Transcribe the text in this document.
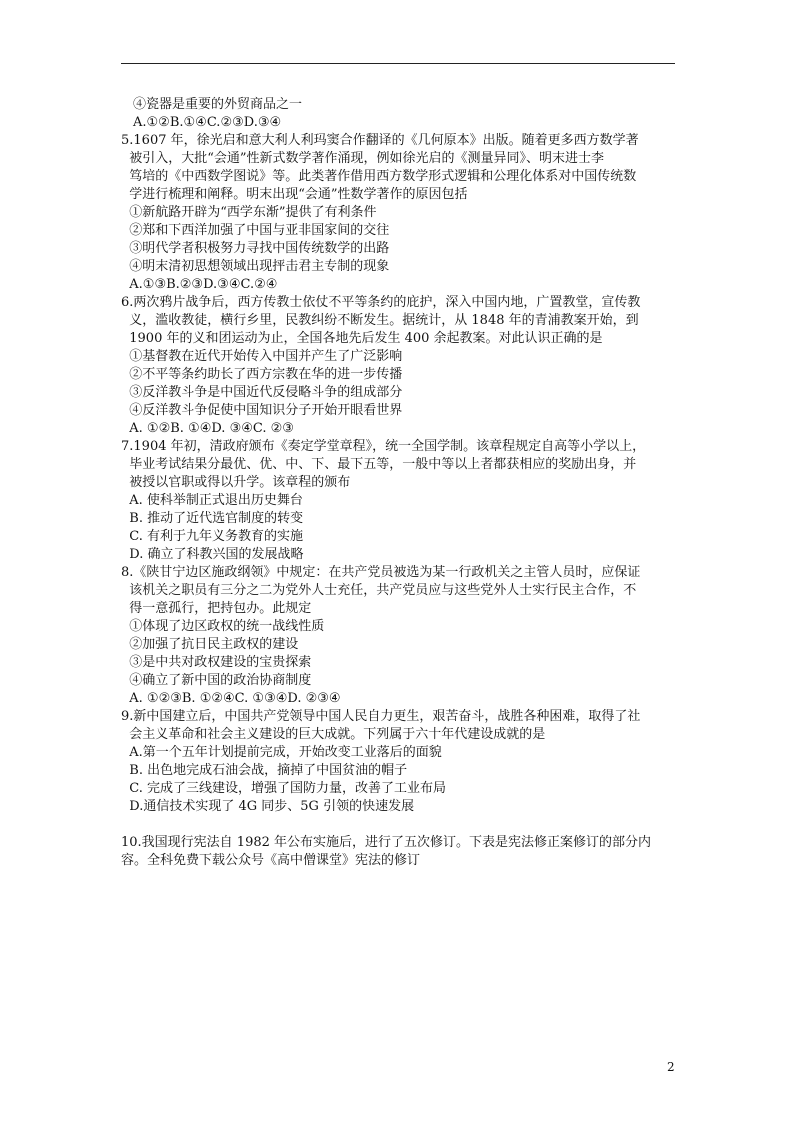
④瓷器是重要的外贸商品之一
A.①②B.①④C.②③D.③④
5.1607 年，徐光启和意大利人利玛窦合作翻译的《几何原本》出版。随着更多西方数学著
被引入，大批“会通”性新式数学著作涌现，例如徐光启的《测量异同》、明末进士李
笃培的《中西数学图说》等。此类著作借用西方数学形式逻辑和公理化体系对中国传统数
学进行梳理和阐释。明末出现“会通”性数学著作的原因包括
①新航路开辟为“西学东渐”提供了有利条件
②郑和下西洋加强了中国与亚非国家间的交往
③明代学者积极努力寻找中国传统数学的出路
④明末清初思想领域出现抨击君主专制的现象
A.①③B.②③D.③④C.②④
6.两次鸦片战争后，西方传教士依仗不平等条约的庇护，深入中国内地，广置教堂，宣传教
义，滥收教徒，横行乡里，民教纠纷不断发生。据统计，从 1848 年的青浦教案开始，到
1900 年的义和团运动为止，全国各地先后发生 400 余起教案。对此认识正确的是
①基督教在近代开始传入中国并产生了广泛影响
②不平等条约助长了西方宗教在华的进一步传播
③反洋教斗争是中国近代反侵略斗争的组成部分
④反洋教斗争促使中国知识分子开始开眼看世界
A. ①②B. ①④D. ③④C. ②③
7.1904 年初，清政府颁布《奏定学堂章程》，统一全国学制。该章程规定自高等小学以上，
毕业考试结果分最优、优、中、下、最下五等，一般中等以上者都获相应的奖励出身，并
被授以官职或得以升学。该章程的颁布
A. 使科举制正式退出历史舞台
B. 推动了近代选官制度的转变
C. 有利于九年义务教育的实施
D. 确立了科教兴国的发展战略
8.《陕甘宁边区施政纲领》中规定：在共产党员被选为某一行政机关之主管人员时，应保证
该机关之职员有三分之二为党外人士充任，共产党员应与这些党外人士实行民主合作，不
得一意孤行，把持包办。此规定
①体现了边区政权的统一战线性质
②加强了抗日民主政权的建设
③是中共对政权建设的宝贵探索
④确立了新中国的政治协商制度
A. ①②③B. ①②④C. ①③④D. ②③④
9.新中国建立后，中国共产党领导中国人民自力更生，艰苦奋斗，战胜各种困难，取得了社
会主义革命和社会主义建设的巨大成就。下列属于六十年代建设成就的是
A.第一个五年计划提前完成，开始改变工业落后的面貌
B. 出色地完成石油会战，摘掉了中国贫油的帽子
C. 完成了三线建设，增强了国防力量，改善了工业布局
D.通信技术实现了 4G 同步、5G 引领的快速发展
10.我国现行宪法自 1982 年公布实施后，进行了五次修订。下表是宪法修正案修订的部分内
容。全科免费下载公众号《高中僧课堂》宪法的修订
2
